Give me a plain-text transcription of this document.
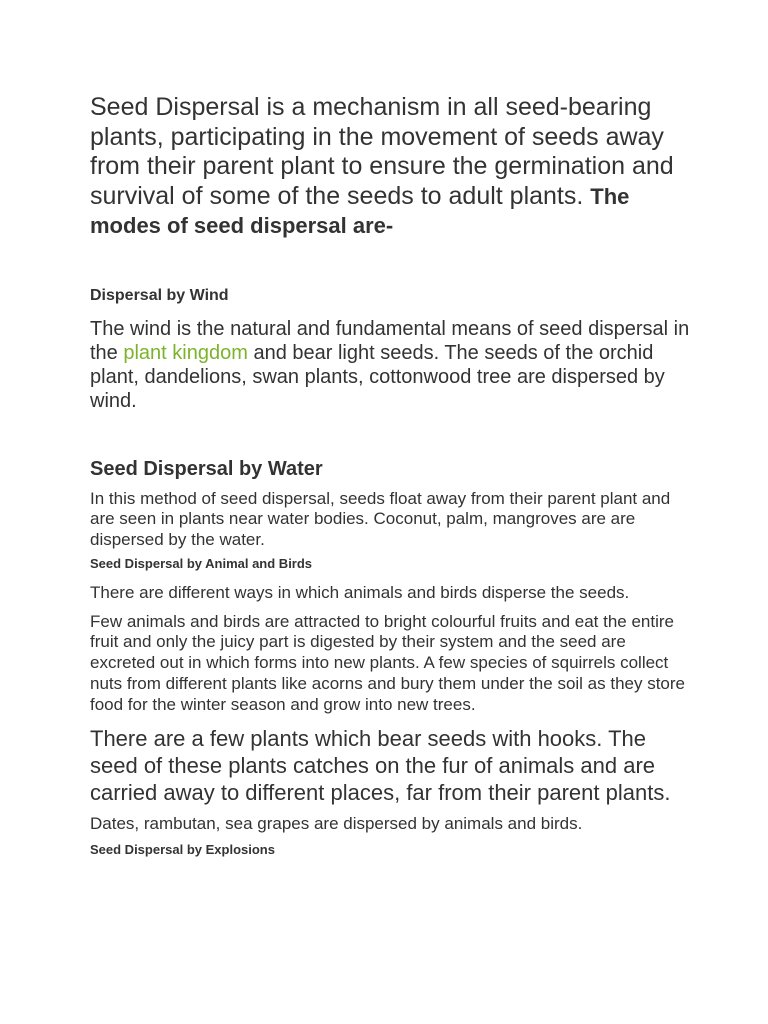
Seed Dispersal is a mechanism in all seed-bearing plants, participating in the movement of seeds away from their parent plant to ensure the germination and survival of some of the seeds to adult plants. The modes of seed dispersal are-

Dispersal by Wind

The wind is the natural and fundamental means of seed dispersal in the plant kingdom and bear light seeds. The seeds of the orchid plant, dandelions, swan plants, cottonwood tree are dispersed by wind.

Seed Dispersal by Water

In this method of seed dispersal, seeds float away from their parent plant and are seen in plants near water bodies. Coconut, palm, mangroves are are dispersed by the water.

Seed Dispersal by Animal and Birds

There are different ways in which animals and birds disperse the seeds.

Few animals and birds are attracted to bright colourful fruits and eat the entire fruit and only the juicy part is digested by their system and the seed are excreted out in which forms into new plants. A few species of squirrels collect nuts from different plants like acorns and bury them under the soil as they store food for the winter season and grow into new trees.

There are a few plants which bear seeds with hooks. The seed of these plants catches on the fur of animals and are carried away to different places, far from their parent plants.

Dates, rambutan, sea grapes are dispersed by animals and birds.

Seed Dispersal by Explosions
